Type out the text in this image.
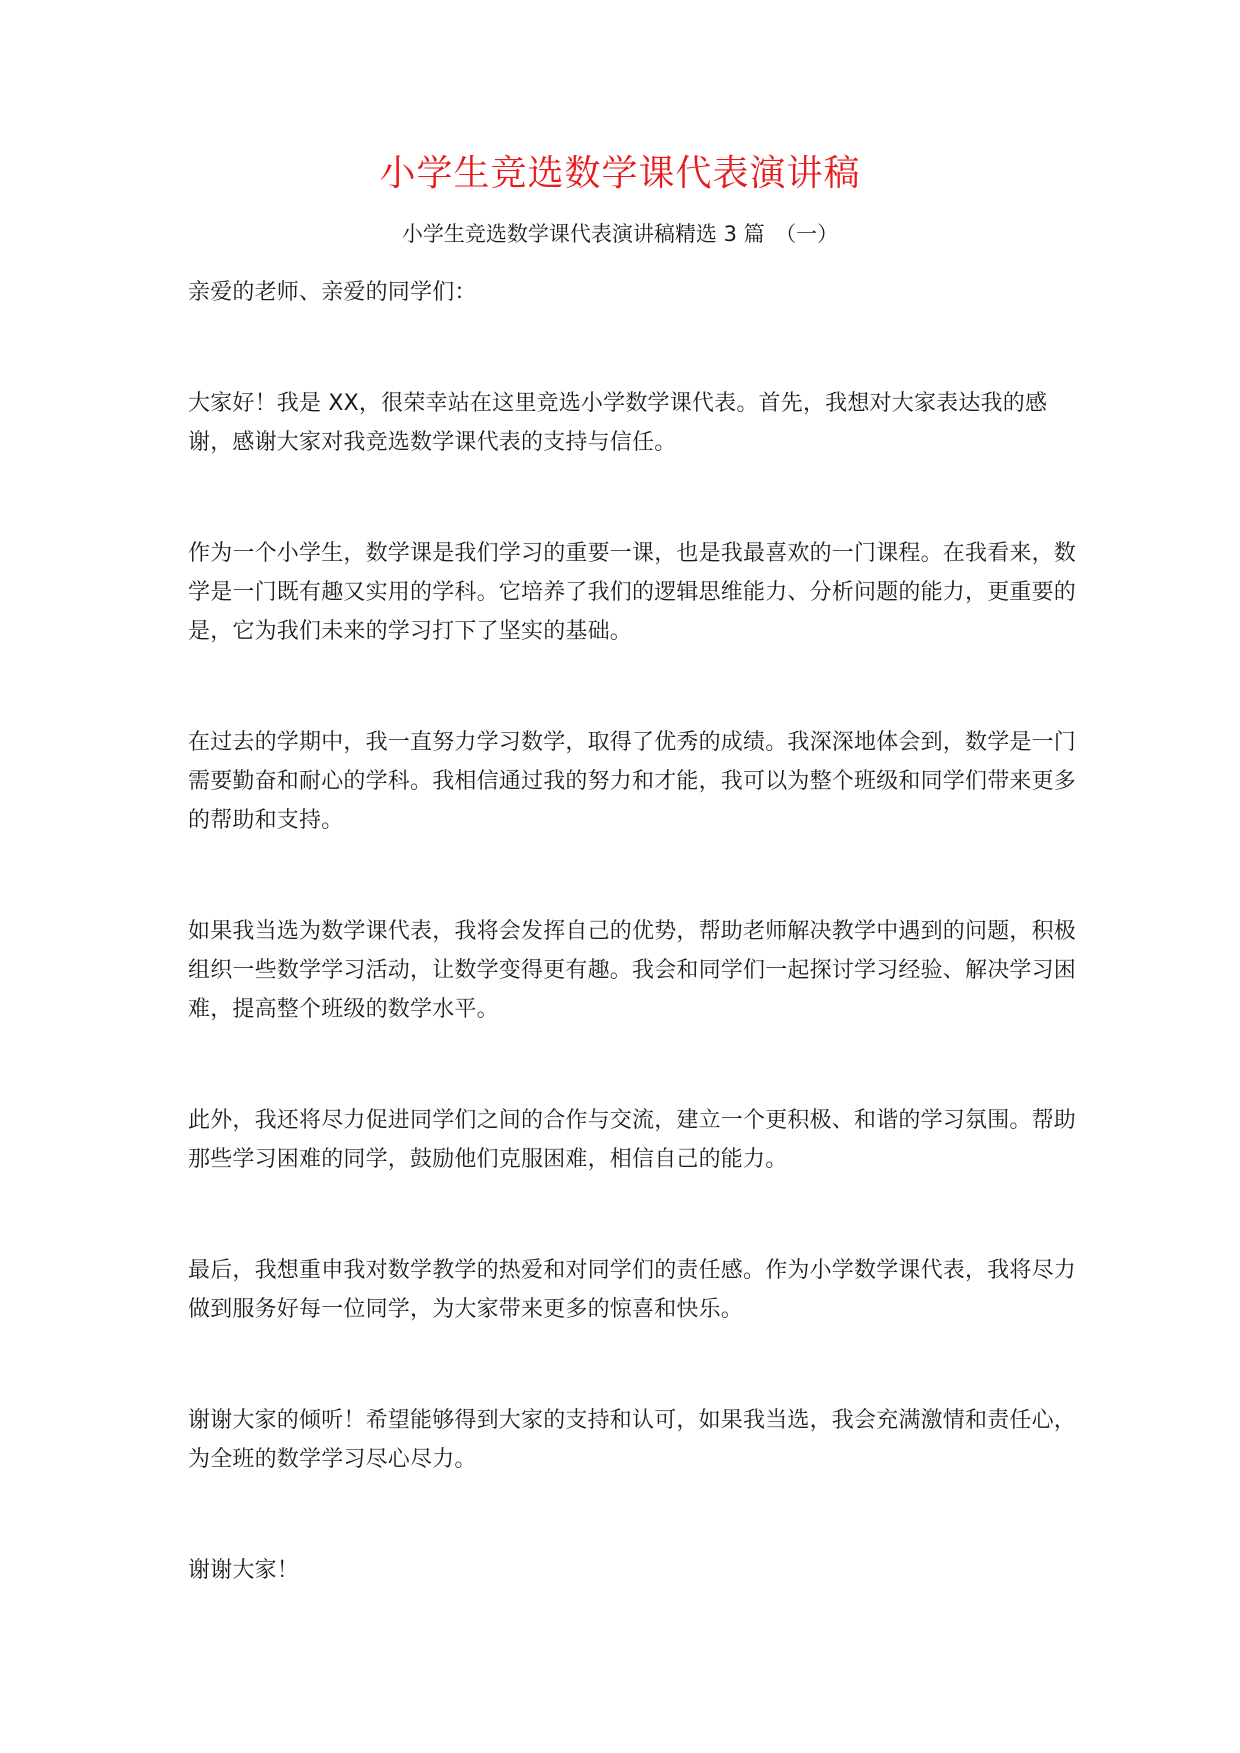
小学生竞选数学课代表演讲稿

小学生竞选数学课代表演讲稿精选 3 篇　（一）

亲爱的老师、亲爱的同学们：

大家好！我是 XX，很荣幸站在这里竞选小学数学课代表。首先，我想对大家表达我的感谢，感谢大家对我竞选数学课代表的支持与信任。

作为一个小学生，数学课是我们学习的重要一课，也是我最喜欢的一门课程。在我看来，数学是一门既有趣又实用的学科。它培养了我们的逻辑思维能力、分析问题的能力，更重要的是，它为我们未来的学习打下了坚实的基础。

在过去的学期中，我一直努力学习数学，取得了优秀的成绩。我深深地体会到，数学是一门需要勤奋和耐心的学科。我相信通过我的努力和才能，我可以为整个班级和同学们带来更多的帮助和支持。

如果我当选为数学课代表，我将会发挥自己的优势，帮助老师解决教学中遇到的问题，积极组织一些数学学习活动，让数学变得更有趣。我会和同学们一起探讨学习经验、解决学习困难，提高整个班级的数学水平。

此外，我还将尽力促进同学们之间的合作与交流，建立一个更积极、和谐的学习氛围。帮助那些学习困难的同学，鼓励他们克服困难，相信自己的能力。

最后，我想重申我对数学教学的热爱和对同学们的责任感。作为小学数学课代表，我将尽力做到服务好每一位同学，为大家带来更多的惊喜和快乐。

谢谢大家的倾听！希望能够得到大家的支持和认可，如果我当选，我会充满激情和责任心，为全班的数学学习尽心尽力。

谢谢大家！
